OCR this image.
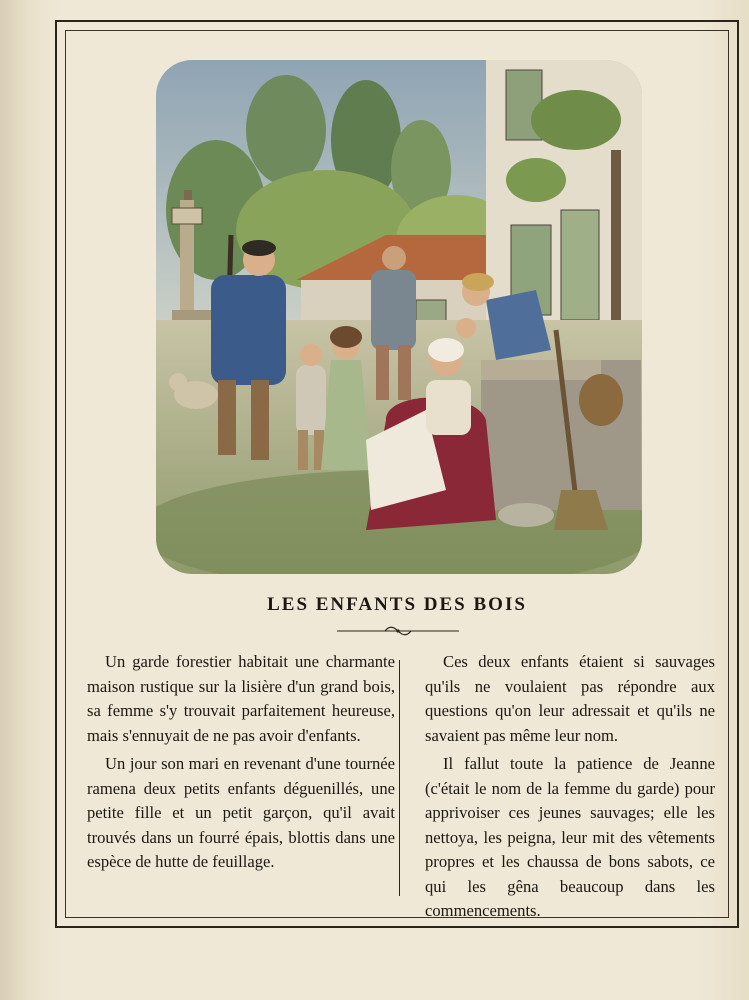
LES ENFANTS DES BOIS

Un garde forestier habitait une charmante maison rustique sur la lisière d'un grand bois, sa femme s'y trouvait parfaitement heureuse, mais s'ennuyait de ne pas avoir d'enfants.

Un jour son mari en revenant d'une tournée ramena deux petits enfants déguenillés, une petite fille et un petit garçon, qu'il avait trouvés dans un fourré épais, blottis dans une espèce de hutte de feuillage.

Ces deux enfants étaient si sauvages qu'ils ne voulaient pas répondre aux questions qu'on leur adressait et qu'ils ne savaient pas même leur nom.

Il fallut toute la patience de Jeanne (c'était le nom de la femme du garde) pour apprivoiser ces jeunes sauvages; elle les nettoya, les peigna, leur mit des vêtements propres et les chaussa de bons sabots, ce qui les gêna beaucoup dans les commencements.
